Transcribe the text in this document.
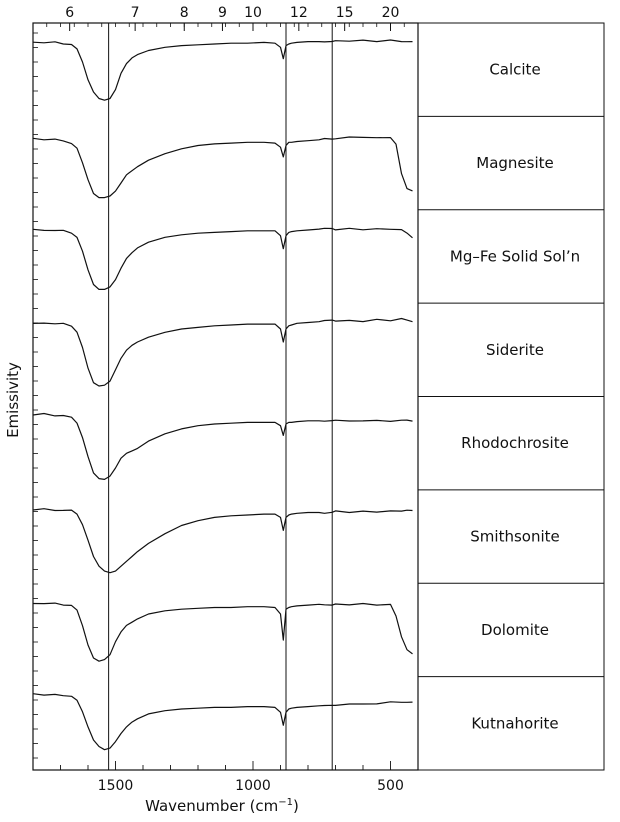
6	7	8 9 10 12 15 20
Calcite
Magnesite
Mg–Fe Solid Sol’n
Siderite
Rhodochrosite
Smithsonite
Dolomite
Kutnahorite
1500	1000	500
Emissivity
Wavenumber $(cm^{-1})$
